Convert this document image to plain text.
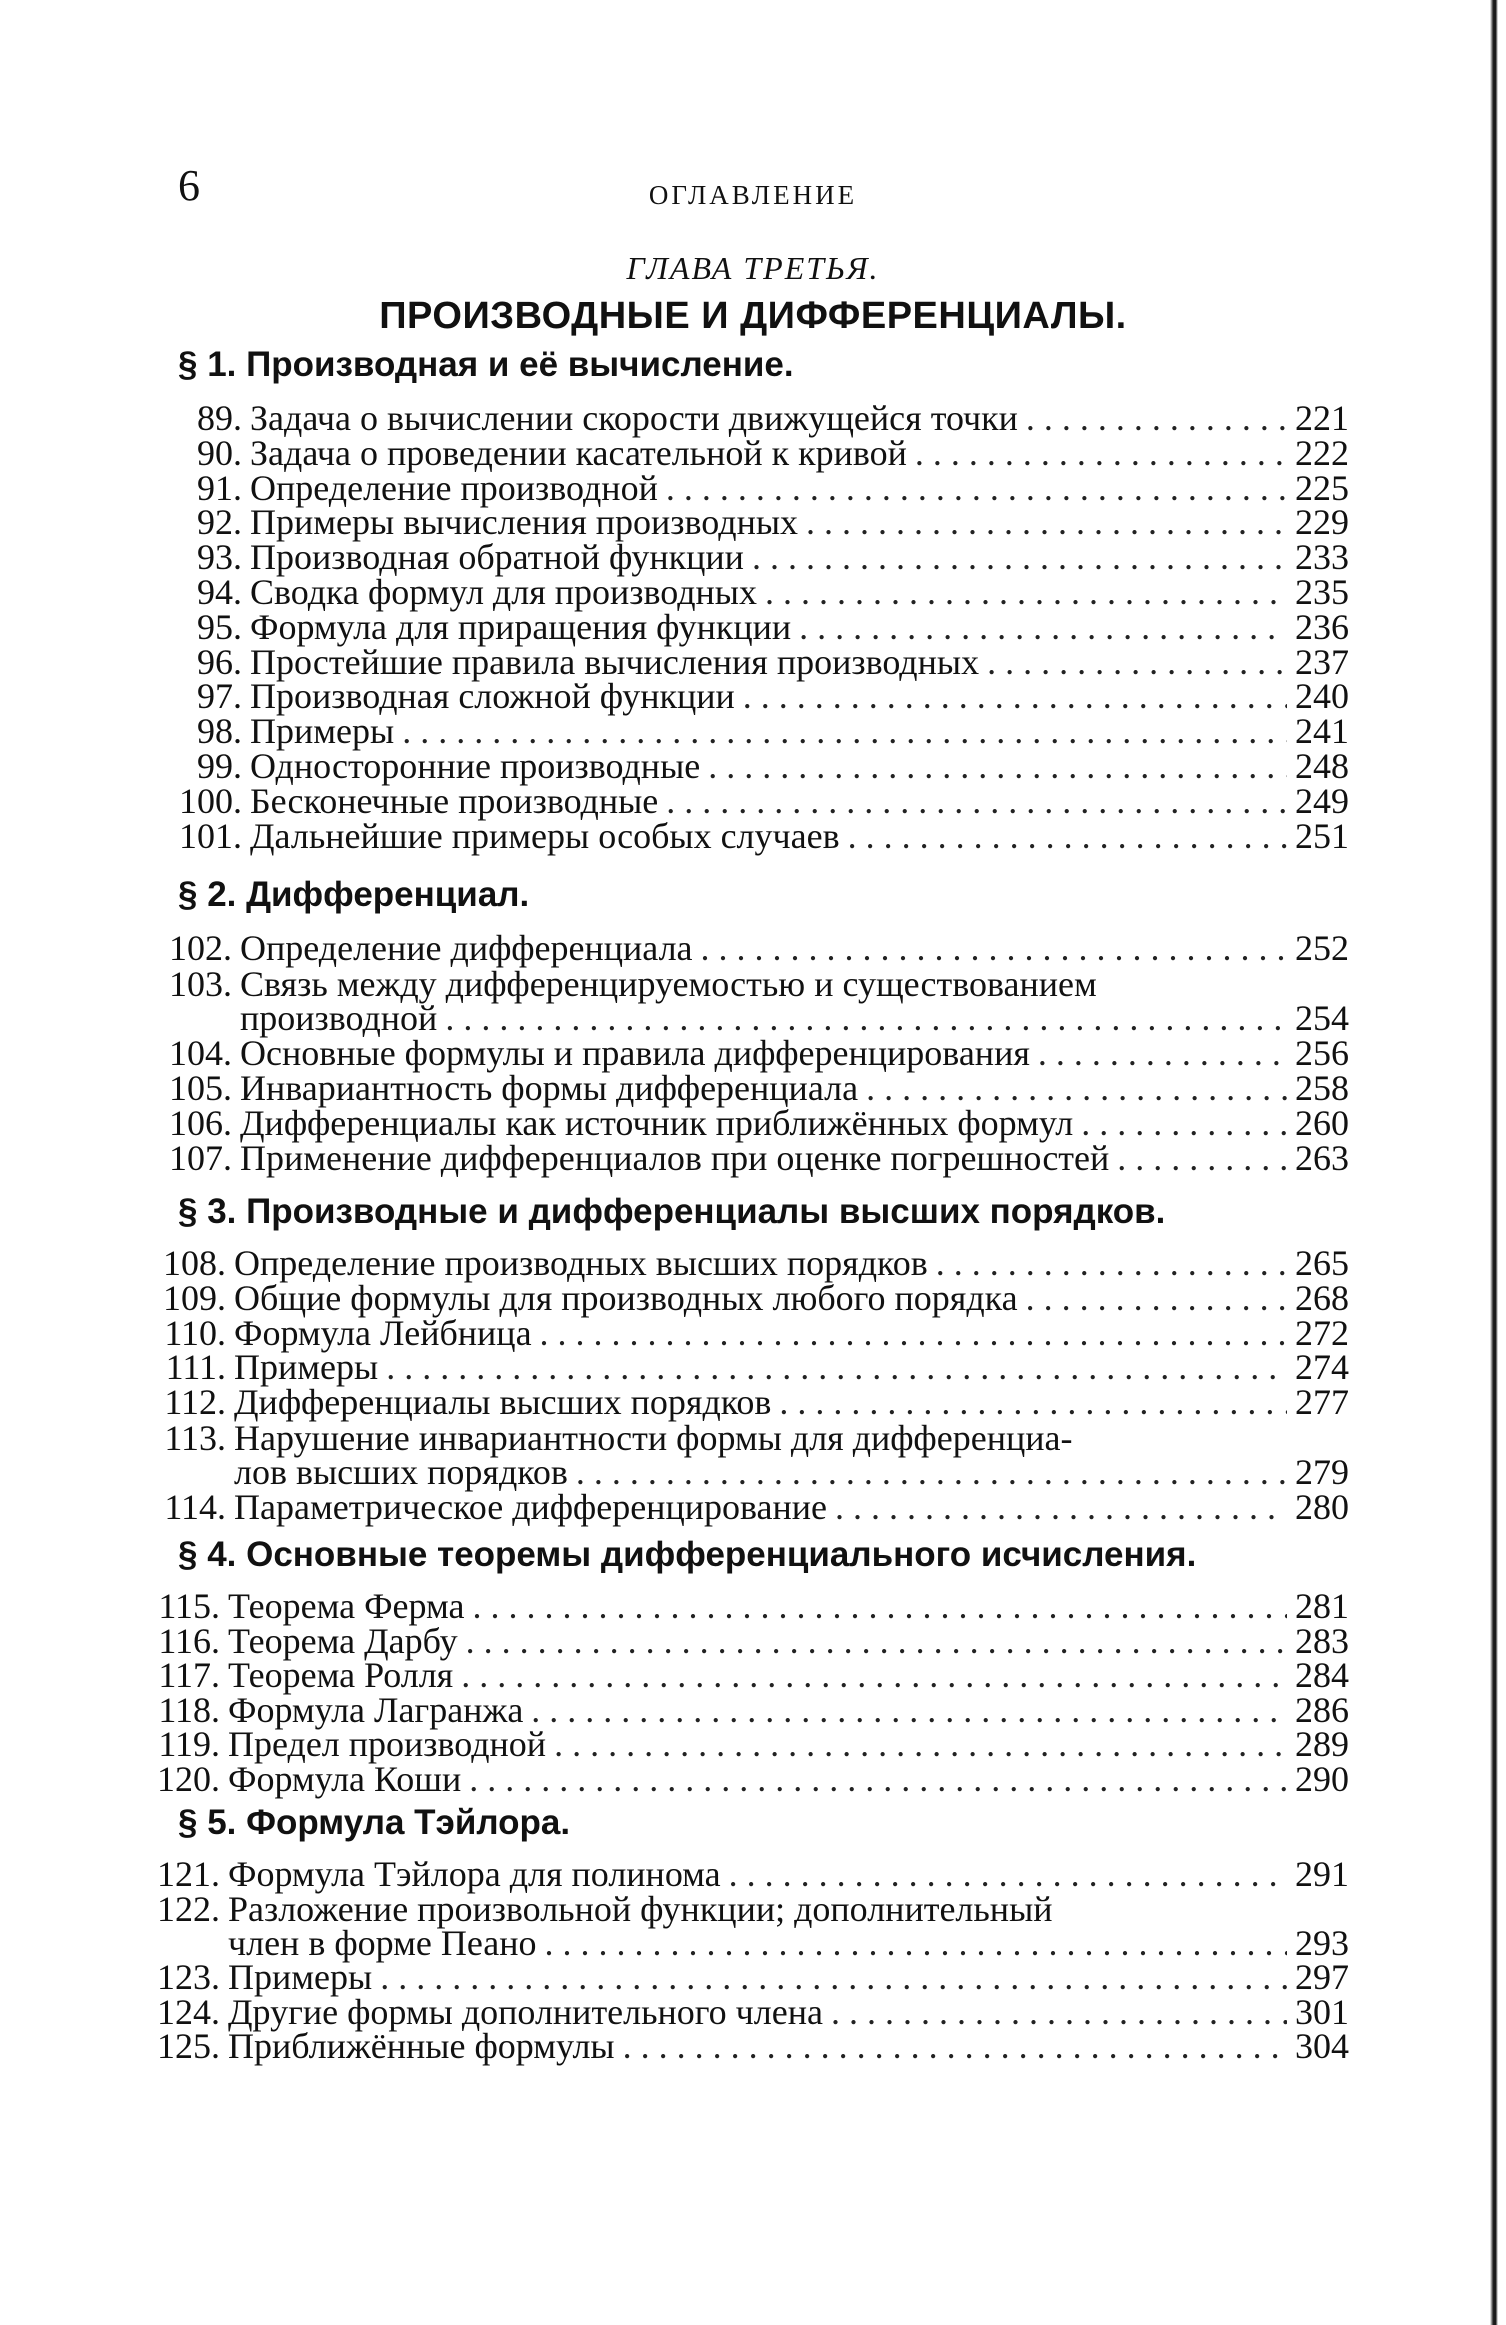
6	ОГЛАВЛЕНИЕ
ГЛАВА ТРЕТЬЯ.
ПРОИЗВОДНЫЕ И ДИФФЕРЕНЦИАЛЫ.
§ 1. Производная и её вычисление.
89. Задача о вычислении скорости движущейся точки . . .	221
90. Задача о проведении касательной к кривой . . .	222
91. Определение производной . . .	225
92. Примеры вычисления производных . . .	229
93. Производная обратной функции . . .	233
94. Сводка формул для производных . . .	235
95. Формула для приращения функции . . .	236
96. Простейшие правила вычисления производных . . .	237
97. Производная сложной функции . . .	240
98. Примеры . . .	241
99. Односторонние производные . . .	248
100. Бесконечные производные . . .	249
101. Дальнейшие примеры особых случаев . . .	251
§ 2. Дифференциал.
102. Определение дифференциала . . .	252
103. Связь между дифференцируемостью и существованием
производной . . .	254
104. Основные формулы и правила дифференцирования . . .	256
105. Инвариантность формы дифференциала . . .	258
106. Дифференциалы как источник приближённых формул . . .	260
107. Применение дифференциалов при оценке погрешностей . . .	263
§ 3. Производные и дифференциалы высших порядков.
108. Определение производных высших порядков . . .	265
109. Общие формулы для производных любого порядка . . .	268
110. Формула Лейбница . . .	272
111. Примеры . . .	274
112. Дифференциалы высших порядков . . .	277
113. Нарушение инвариантности формы для дифференциа-
лов высших порядков . . .	279
114. Параметрическое дифференцирование . . .	280
§ 4. Основные теоремы дифференциального исчисления.
115. Теорема Ферма . . .	281
116. Теорема Дарбу . . .	283
117. Теорема Ролля . . .	284
118. Формула Лагранжа . . .	286
119. Предел производной . . .	289
120. Формула Коши . . .	290
§ 5. Формула Тэйлора.
121. Формула Тэйлора для полинома . . .	291
122. Разложение произвольной функции; дополнительный
член в форме Пеано . . .	293
123. Примеры . . .	297
124. Другие формы дополнительного члена . . .	301
125. Приближённые формулы . . .	304
